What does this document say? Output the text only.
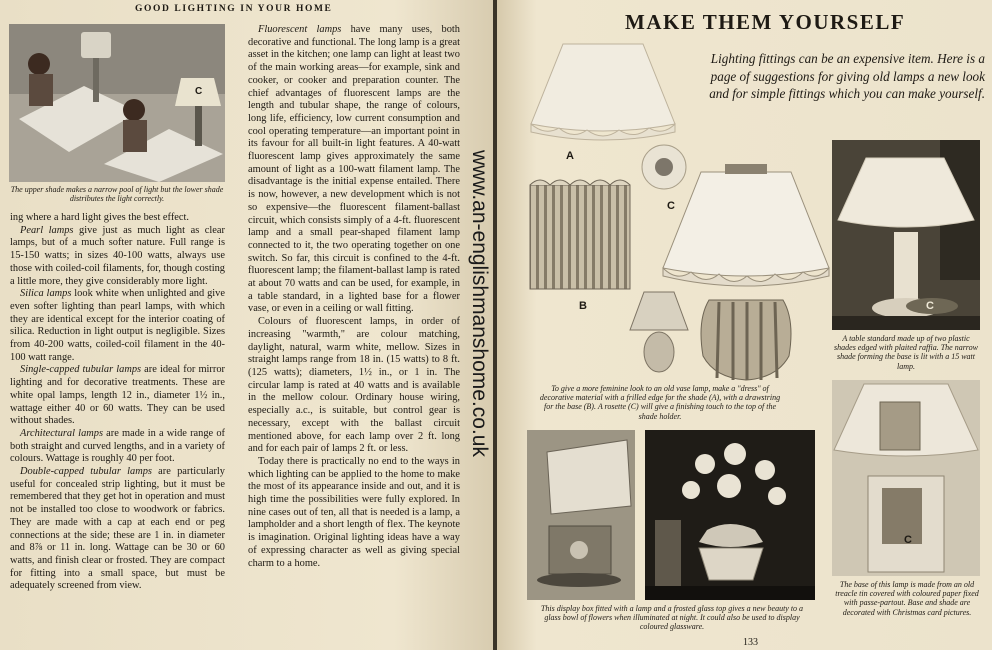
GOOD LIGHTING IN YOUR HOME
C
The upper shade makes a narrow pool of light but the lower shade distributes the light correctly.

ing where a hard light gives the best effect.

Pearl lamps give just as much light as clear lamps, but of a much softer nature. Full range is 15-150 watts; in sizes 40-100 watts, always use those with coiled-coil filaments, for, though costing a little more, they give considerably more light.

Silica lamps look white when unlighted and give even softer lighting than pearl lamps, with which they are identical except for the interior coating of silica. Reduction in light output is negligible. Sizes from 40-200 watts, coiled-coil filament in the 40-100 watt range.

Single-capped tubular lamps are ideal for mirror lighting and for decorative treatments. These are white opal lamps, length 12 in., diameter 1½ in., wattage either 40 or 60 watts. They can be used without shades.

Architectural lamps are made in a wide range of both straight and curved lengths, and in a variety of colours. Wattage is roughly 40 per foot.

Double-capped tubular lamps are particularly useful for concealed strip lighting, but it must be remembered that they get hot in operation and must not be installed too close to woodwork or fabrics. They are made with a cap at each end or peg connections at the side; these are 1 in. in diameter and 8⅞ or 11 in. long. Wattage can be 30 or 60 watts, and finish clear or frosted. They are compact for fitting into a small space, but must be adequately screened from view.

Fluorescent lamps have many uses, both decorative and functional. The long lamp is a great asset in the kitchen; one lamp can light at least two of the main working areas—for example, sink and cooker, or cooker and preparation counter. The chief advantages of fluorescent lamps are the length and tubular shape, the range of colours, long life, efficiency, low current consumption and cool operating temperature—an important point in its favour for all built-in light features. A 40-watt fluorescent lamp gives approximately the same amount of light as a 100-watt filament lamp. The disadvantage is the initial expense entailed. There is now, however, a new development which is not so expensive—the fluorescent filament-ballast circuit, which consists simply of a 4-ft. fluorescent lamp and a small pear-shaped filament lamp connected to it, the two operating together on one switch. So far, this circuit is confined to the 4-ft. fluorescent lamp; the filament-ballast lamp is rated at about 70 watts and can be used, for example, in a table standard, in a lighted base for a flower vase, or even in a ceiling or wall fitting.

Colours of fluorescent lamps, in order of increasing "warmth," are colour matching, daylight, natural, warm white, mellow. Sizes in straight lamps range from 18 in. (15 watts) to 8 ft. (125 watts); diameters, 1½ in., or 1 in. The circular lamp is rated at 40 watts and is available in the mellow colour. Ordinary house wiring, especially a.c., is suitable, but control gear is necessary, except with the ballast circuit mentioned above, for each lamp over 2 ft. long and for each pair of lamps 2 ft. or less.

Today there is practically no end to the ways in which lighting can be applied to the home to make the most of its appearance inside and out, and it is high time the possibilities were fully explored. In nine cases out of ten, all that is needed is a lamp, a lampholder and a short length of flex. The keynote is imagination. Original lighting ideas have a way of expressing character as well as giving special charm to a home.

www.an-englishmanshome.co.uk
MAKE THEM YOURSELF
Lighting fittings can be an expensive item. Here is a page of suggestions for giving old lamps a new look and for simple fittings which you can make yourself.
A
C
B
To give a more feminine look to an old vase lamp, make a "dress" of decorative material with a frilled edge for the shade (A), with a drawstring for the base (B). A rosette (C) will give a finishing touch to the top of the shade holder.
C
A table standard made up of two plastic shades edged with plaited raffia. The narrow shade forming the base is lit with a 15 watt lamp.
This display box fitted with a lamp and a frosted glass top gives a new beauty to a glass bowl of flowers when illuminated at night. It could also be used to display coloured glassware.
C
The base of this lamp is made from an old treacle tin covered with coloured paper fixed with passe-partout. Base and shade are decorated with Christmas card pictures.
133
